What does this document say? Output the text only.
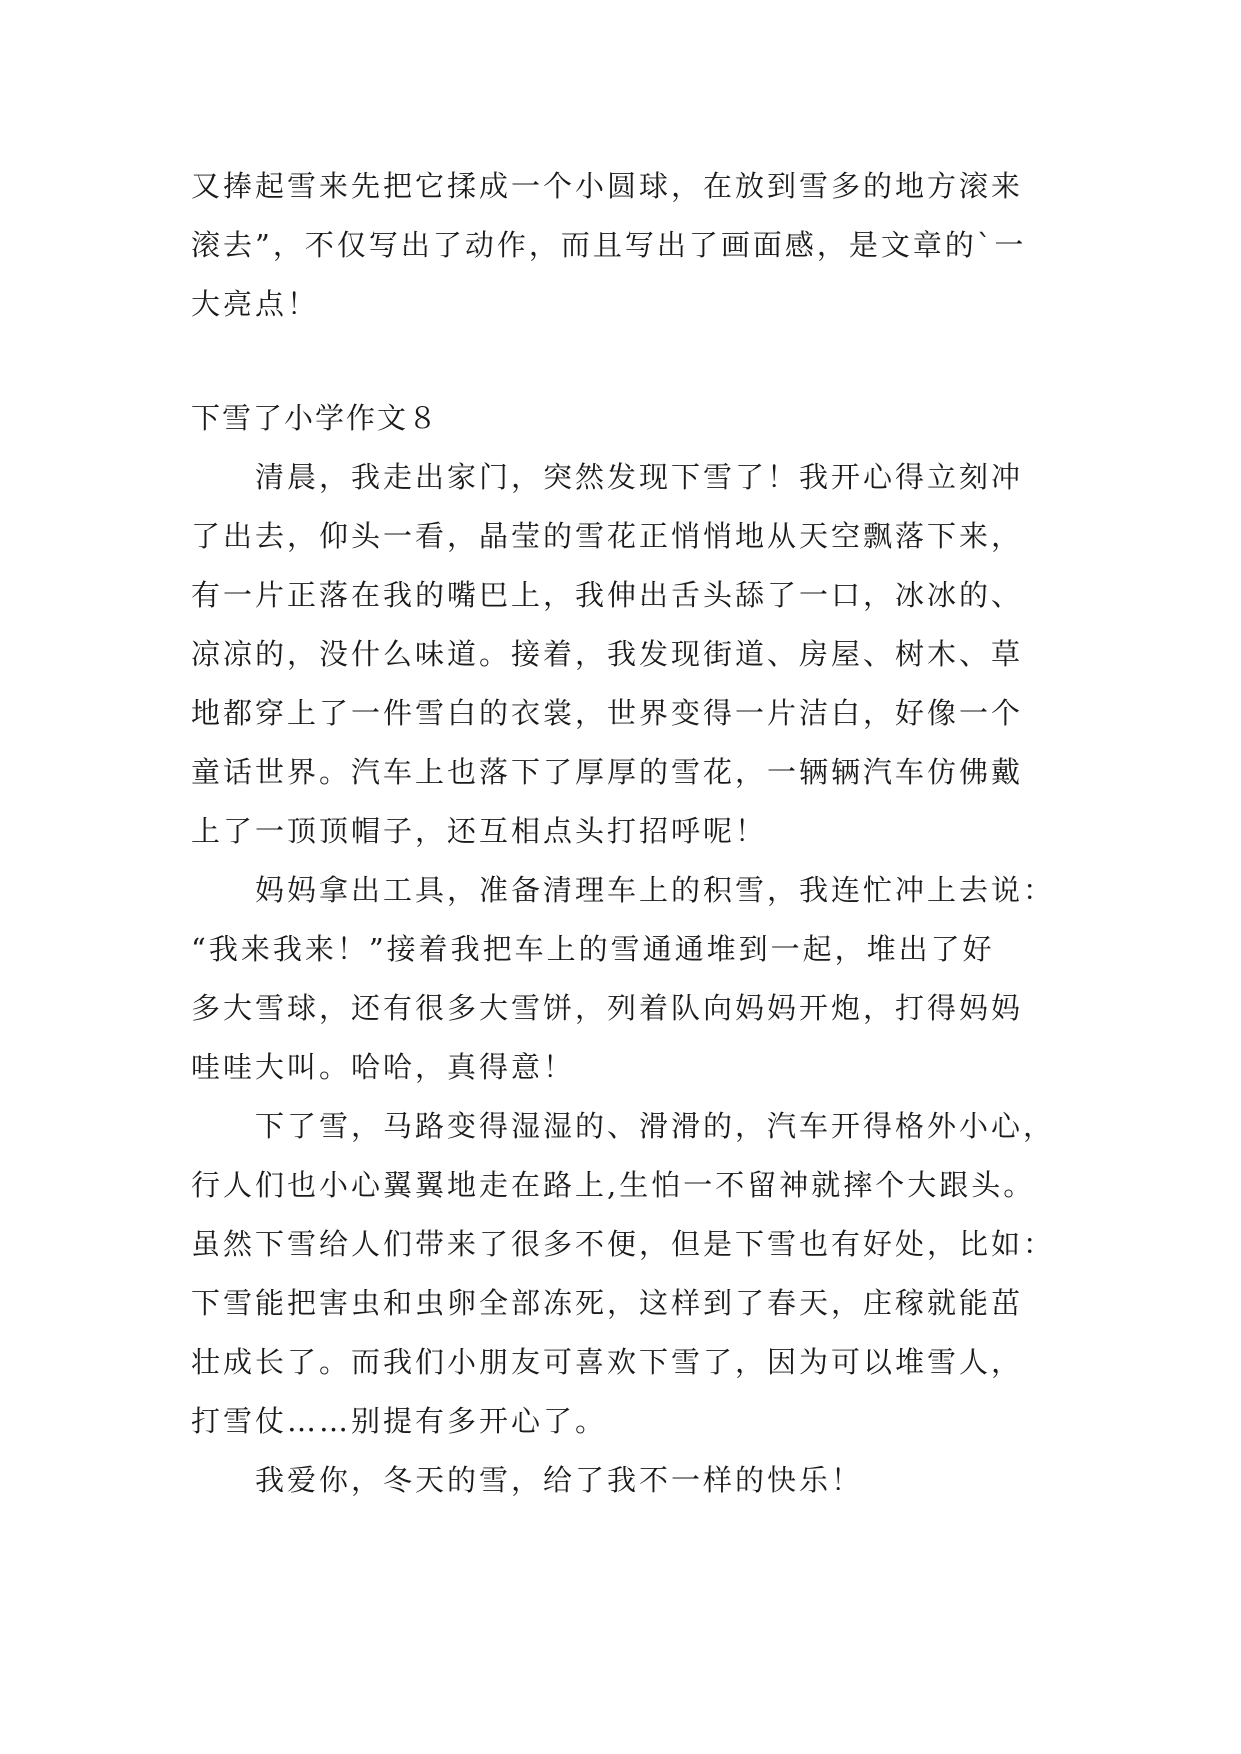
又捧起雪来先把它揉成一个小圆球，在放到雪多的地方滚来

滚去”，不仅写出了动作，而且写出了画面感，是文章的`一

大亮点！

下雪了小学作文８

清晨，我走出家门，突然发现下雪了！我开心得立刻冲

了出去，仰头一看，晶莹的雪花正悄悄地从天空飘落下来，

有一片正落在我的嘴巴上，我伸出舌头舔了一口，冰冰的、

凉凉的，没什么味道。接着，我发现街道、房屋、树木、草

地都穿上了一件雪白的衣裳，世界变得一片洁白，好像一个

童话世界。汽车上也落下了厚厚的雪花，一辆辆汽车仿佛戴

上了一顶顶帽子，还互相点头打招呼呢！

妈妈拿出工具，准备清理车上的积雪，我连忙冲上去说：

“我来我来！”接着我把车上的雪通通堆到一起，堆出了好

多大雪球，还有很多大雪饼，列着队向妈妈开炮，打得妈妈

哇哇大叫。哈哈，真得意！

下了雪，马路变得湿湿的、滑滑的，汽车开得格外小心，

行人们也小心翼翼地走在路上,生怕一不留神就摔个大跟头。

虽然下雪给人们带来了很多不便，但是下雪也有好处，比如：

下雪能把害虫和虫卵全部冻死，这样到了春天，庄稼就能茁

壮成长了。而我们小朋友可喜欢下雪了，因为可以堆雪人，

打雪仗……别提有多开心了。

我爱你，冬天的雪，给了我不一样的快乐！
